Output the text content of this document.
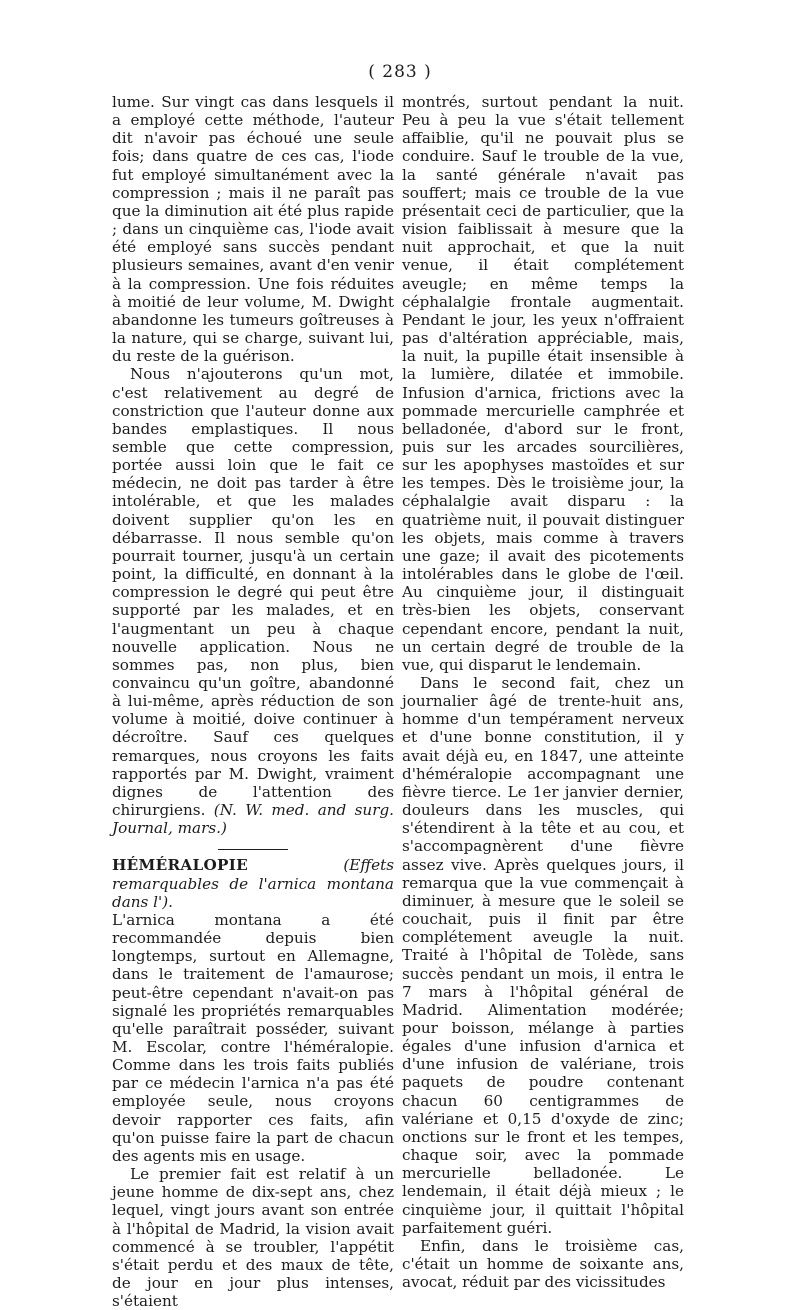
( 283 )

lume. Sur vingt cas dans lesquels il a employé cette méthode, l'auteur dit n'avoir pas échoué une seule fois; dans quatre de ces cas, l'iode fut employé simultanément avec la compression ; mais il ne paraît pas que la diminution ait été plus rapide ; dans un cinquième cas, l'iode avait été employé sans succès pendant plusieurs semaines, avant d'en venir à la compression. Une fois réduites à moitié de leur volume, M. Dwight abandonne les tumeurs goîtreuses à la nature, qui se charge, suivant lui, du reste de la guérison.

Nous n'ajouterons qu'un mot, c'est relativement au degré de constriction que l'auteur donne aux bandes emplastiques. Il nous semble que cette compression, portée aussi loin que le fait ce médecin, ne doit pas tarder à être intolérable, et que les malades doivent supplier qu'on les en débarrasse. Il nous semble qu'on pourrait tourner, jusqu'à un certain point, la difficulté, en donnant à la compression le degré qui peut être supporté par les malades, et en l'augmentant un peu à chaque nouvelle application. Nous ne sommes pas, non plus, bien convaincu qu'un goître, abandonné à lui-même, après réduction de son volume à moitié, doive continuer à décroître. Sauf ces quelques remarques, nous croyons les faits rapportés par M. Dwight, vraiment dignes de l'attention des chirurgiens. (N. W. med. and surg. Journal, mars.)

HÉMÉRALOPIE	(Effets remarquables de l'arnica montana dans l').

L'arnica montana a été recommandée depuis bien longtemps, surtout en Allemagne, dans le traitement de l'amaurose; peut-être cependant n'avait-on pas signalé les propriétés remarquables qu'elle paraîtrait posséder, suivant M. Escolar, contre l'héméralopie. Comme dans les trois faits publiés par ce médecin l'arnica n'a pas été employée seule, nous croyons devoir rapporter ces faits, afin qu'on puisse faire la part de chacun des agents mis en usage.

Le premier fait est relatif à un jeune homme de dix-sept ans, chez lequel, vingt jours avant son entrée à l'hôpital de Madrid, la vision avait commencé à se troubler, l'appétit s'était perdu et des maux de tête, de jour en jour plus intenses, s'étaient

montrés, surtout pendant la nuit. Peu à peu la vue s'était tellement affaiblie, qu'il ne pouvait plus se conduire. Sauf le trouble de la vue, la santé générale n'avait pas souffert; mais ce trouble de la vue présentait ceci de particulier, que la vision faiblissait à mesure que la nuit approchait, et que la nuit venue, il était complétement aveugle; en même temps la céphalalgie frontale augmentait. Pendant le jour, les yeux n'offraient pas d'altération appréciable, mais, la nuit, la pupille était insensible à la lumière, dilatée et immobile. Infusion d'arnica, frictions avec la pommade mercurielle camphrée et belladonée, d'abord sur le front, puis sur les arcades sourcilières, sur les apophyses mastoïdes et sur les tempes. Dès le troisième jour, la céphalalgie avait disparu : la quatrième nuit, il pouvait distinguer les objets, mais comme à travers une gaze; il avait des picotements intolérables dans le globe de l'œil. Au cinquième jour, il distinguait très-bien les objets, conservant cependant encore, pendant la nuit, un certain degré de trouble de la vue, qui disparut le lendemain.

Dans le second fait, chez un journalier âgé de trente-huit ans, homme d'un tempérament nerveux et d'une bonne constitution, il y avait déjà eu, en 1847, une atteinte d'héméralopie accompagnant une fièvre tierce. Le 1er janvier dernier, douleurs dans les muscles, qui s'étendirent à la tête et au cou, et s'accompagnèrent d'une fièvre assez vive. Après quelques jours, il remarqua que la vue commençait à diminuer, à mesure que le soleil se couchait, puis il finit par être complétement aveugle la nuit. Traité à l'hôpital de Tolède, sans succès pendant un mois, il entra le 7 mars à l'hôpital général de Madrid. Alimentation modérée; pour boisson, mélange à parties égales d'une infusion d'arnica et d'une infusion de valériane, trois paquets de poudre contenant chacun 60 centigrammes de valériane et 0,15 d'oxyde de zinc; onctions sur le front et les tempes, chaque soir, avec la pommade mercurielle belladonée. Le lendemain, il était déjà mieux ; le cinquième jour, il quittait l'hôpital parfaitement guéri.

Enfin, dans le troisième cas, c'était un homme de soixante ans, avocat, réduit par des vicissitudes
